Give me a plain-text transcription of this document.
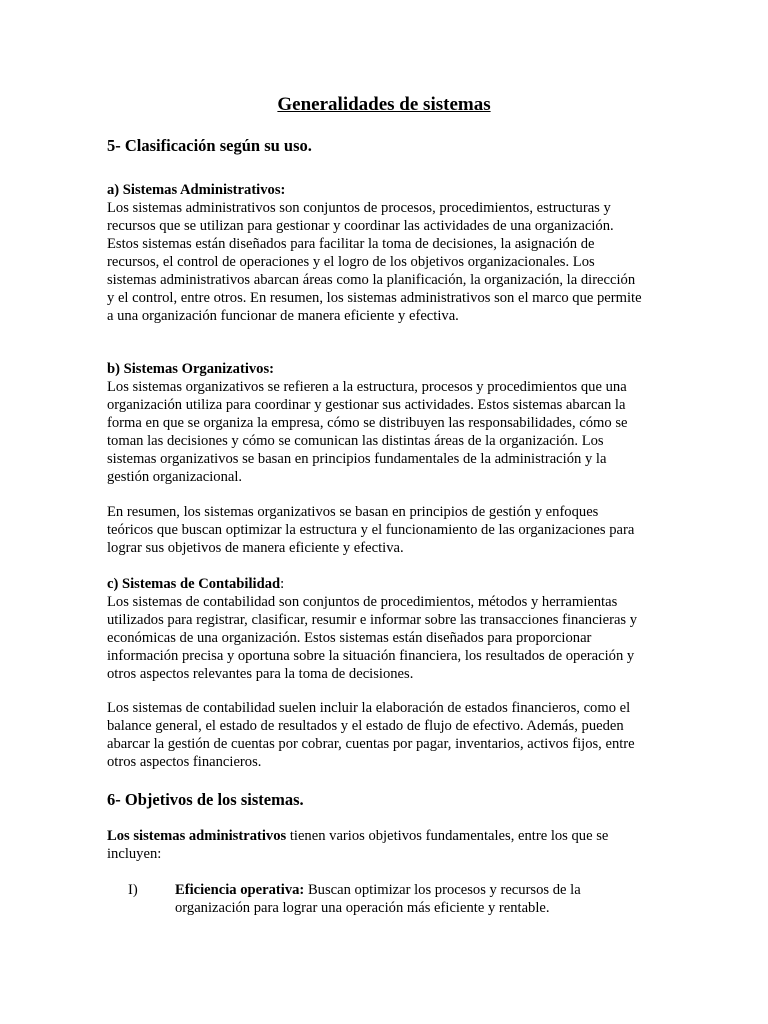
Generalidades de sistemas
5- Clasificación según su uso.
a) Sistemas Administrativos:
Los sistemas administrativos son conjuntos de procesos, procedimientos, estructuras y
recursos que se utilizan para gestionar y coordinar las actividades de una organización.
Estos sistemas están diseñados para facilitar la toma de decisiones, la asignación de
recursos, el control de operaciones y el logro de los objetivos organizacionales. Los
sistemas administrativos abarcan áreas como la planificación, la organización, la dirección
y el control, entre otros. En resumen, los sistemas administrativos son el marco que permite
a una organización funcionar de manera eficiente y efectiva.
b) Sistemas Organizativos:
Los sistemas organizativos se refieren a la estructura, procesos y procedimientos que una
organización utiliza para coordinar y gestionar sus actividades. Estos sistemas abarcan la
forma en que se organiza la empresa, cómo se distribuyen las responsabilidades, cómo se
toman las decisiones y cómo se comunican las distintas áreas de la organización. Los
sistemas organizativos se basan en principios fundamentales de la administración y la
gestión organizacional.
En resumen, los sistemas organizativos se basan en principios de gestión y enfoques
teóricos que buscan optimizar la estructura y el funcionamiento de las organizaciones para
lograr sus objetivos de manera eficiente y efectiva.
c) Sistemas de Contabilidad:
Los sistemas de contabilidad son conjuntos de procedimientos, métodos y herramientas
utilizados para registrar, clasificar, resumir e informar sobre las transacciones financieras y
económicas de una organización. Estos sistemas están diseñados para proporcionar
información precisa y oportuna sobre la situación financiera, los resultados de operación y
otros aspectos relevantes para la toma de decisiones.
Los sistemas de contabilidad suelen incluir la elaboración de estados financieros, como el
balance general, el estado de resultados y el estado de flujo de efectivo. Además, pueden
abarcar la gestión de cuentas por cobrar, cuentas por pagar, inventarios, activos fijos, entre
otros aspectos financieros.
6- Objetivos de los sistemas.
Los sistemas administrativos tienen varios objetivos fundamentales, entre los que se
incluyen:
I)	Eficiencia operativa: Buscan optimizar los procesos y recursos de la
organización para lograr una operación más eficiente y rentable.
